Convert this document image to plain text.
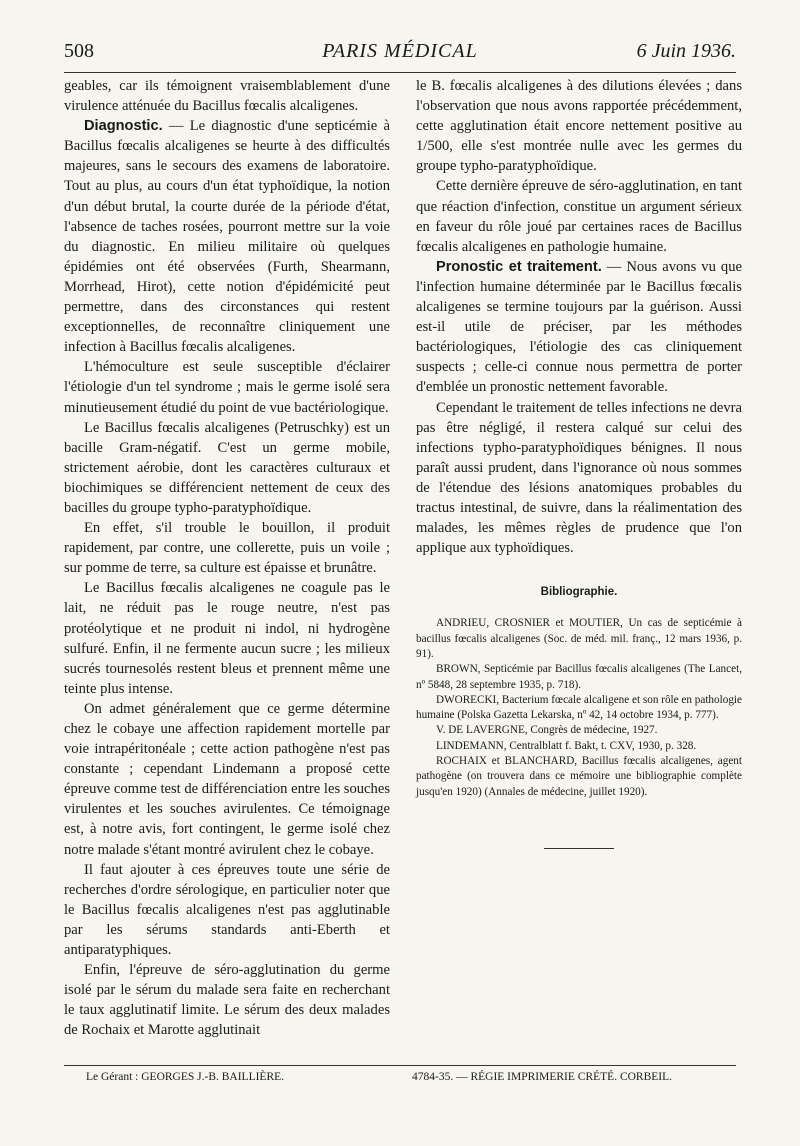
508	PARIS MÉDICAL	6 Juin 1936.

geables, car ils témoignent vraisemblablement d'une virulence atténuée du Bacillus fœcalis alcaligenes.

Diagnostic. — Le diagnostic d'une septicémie à Bacillus fœcalis alcaligenes se heurte à des difficultés majeures, sans le secours des examens de laboratoire. Tout au plus, au cours d'un état typhoïdique, la notion d'un début brutal, la courte durée de la période d'état, l'absence de taches rosées, pourront mettre sur la voie du diagnostic. En milieu militaire où quelques épidémies ont été observées (Furth, Shearmann, Morrhead, Hirot), cette notion d'épidémicité peut permettre, dans des circonstances qui restent exceptionnelles, de reconnaître cliniquement une infection à Bacillus fœcalis alcaligenes.

L'hémoculture est seule susceptible d'éclairer l'étiologie d'un tel syndrome ; mais le germe isolé sera minutieusement étudié du point de vue bactériologique.

Le Bacillus fœcalis alcaligenes (Petruschky) est un bacille Gram-négatif. C'est un germe mobile, strictement aérobie, dont les caractères culturaux et biochimiques se différencient nettement de ceux des bacilles du groupe typho-paratyphoïdique.

En effet, s'il trouble le bouillon, il produit rapidement, par contre, une collerette, puis un voile ; sur pomme de terre, sa culture est épaisse et brunâtre.

Le Bacillus fœcalis alcaligenes ne coagule pas le lait, ne réduit pas le rouge neutre, n'est pas protéolytique et ne produit ni indol, ni hydrogène sulfuré. Enfin, il ne fermente aucun sucre ; les milieux sucrés tournesolés restent bleus et prennent même une teinte plus intense.

On admet généralement que ce germe détermine chez le cobaye une affection rapidement mortelle par voie intrapéritonéale ; cette action pathogène n'est pas constante ; cependant Lindemann a proposé cette épreuve comme test de différenciation entre les souches virulentes et les souches avirulentes. Ce témoignage est, à notre avis, fort contingent, le germe isolé chez notre malade s'étant montré avirulent chez le cobaye.

Il faut ajouter à ces épreuves toute une série de recherches d'ordre sérologique, en particulier noter que le Bacillus fœcalis alcaligenes n'est pas agglutinable par les sérums standards anti-Eberth et antiparatyphiques.

Enfin, l'épreuve de séro-agglutination du germe isolé par le sérum du malade sera faite en recherchant le taux agglutinatif limite. Le sérum des deux malades de Rochaix et Marotte agglutinait

le B. fœcalis alcaligenes à des dilutions élevées ; dans l'observation que nous avons rapportée précédemment, cette agglutination était encore nettement positive au 1/500, elle s'est montrée nulle avec les germes du groupe typho-paratyphoïdique.

Cette dernière épreuve de séro-agglutination, en tant que réaction d'infection, constitue un argument sérieux en faveur du rôle joué par certaines races de Bacillus fœcalis alcaligenes en pathologie humaine.

Pronostic et traitement. — Nous avons vu que l'infection humaine déterminée par le Bacillus fœcalis alcaligenes se termine toujours par la guérison. Aussi est-il utile de préciser, par les méthodes bactériologiques, l'étiologie des cas cliniquement suspects ; celle-ci connue nous permettra de porter d'emblée un pronostic nettement favorable.

Cependant le traitement de telles infections ne devra pas être négligé, il restera calqué sur celui des infections typho-paratyphoïdiques bénignes. Il nous paraît aussi prudent, dans l'ignorance où nous sommes de l'étendue des lésions anatomiques probables du tractus intestinal, de suivre, dans la réalimentation des malades, les mêmes règles de prudence que l'on applique aux typhoïdiques.

Bibliographie.

ANDRIEU, CROSNIER et MOUTIER, Un cas de septicémie à bacillus fœcalis alcaligenes (Soc. de méd. mil. franç., 12 mars 1936, p. 91).

BROWN, Septicémie par Bacillus fœcalis alcaligenes (The Lancet, nº 5848, 28 septembre 1935, p. 718).

DWORECKI, Bacterium fœcale alcaligene et son rôle en pathologie humaine (Polska Gazetta Lekarska, nº 42, 14 octobre 1934, p. 777).

V. DE LAVERGNE, Congrès de médecine, 1927.

LINDEMANN, Centralblatt f. Bakt, t. CXV, 1930, p. 328.

ROCHAIX et BLANCHARD, Bacillus fœcalis alcaligenes, agent pathogène (on trouvera dans ce mémoire une bibliographie complète jusqu'en 1920) (Annales de médecine, juillet 1920).

Le Gérant : GEORGES J.-B. BAILLIÈRE.	4784-35. — RÉGIE IMPRIMERIE CRÉTÉ. CORBEIL.
